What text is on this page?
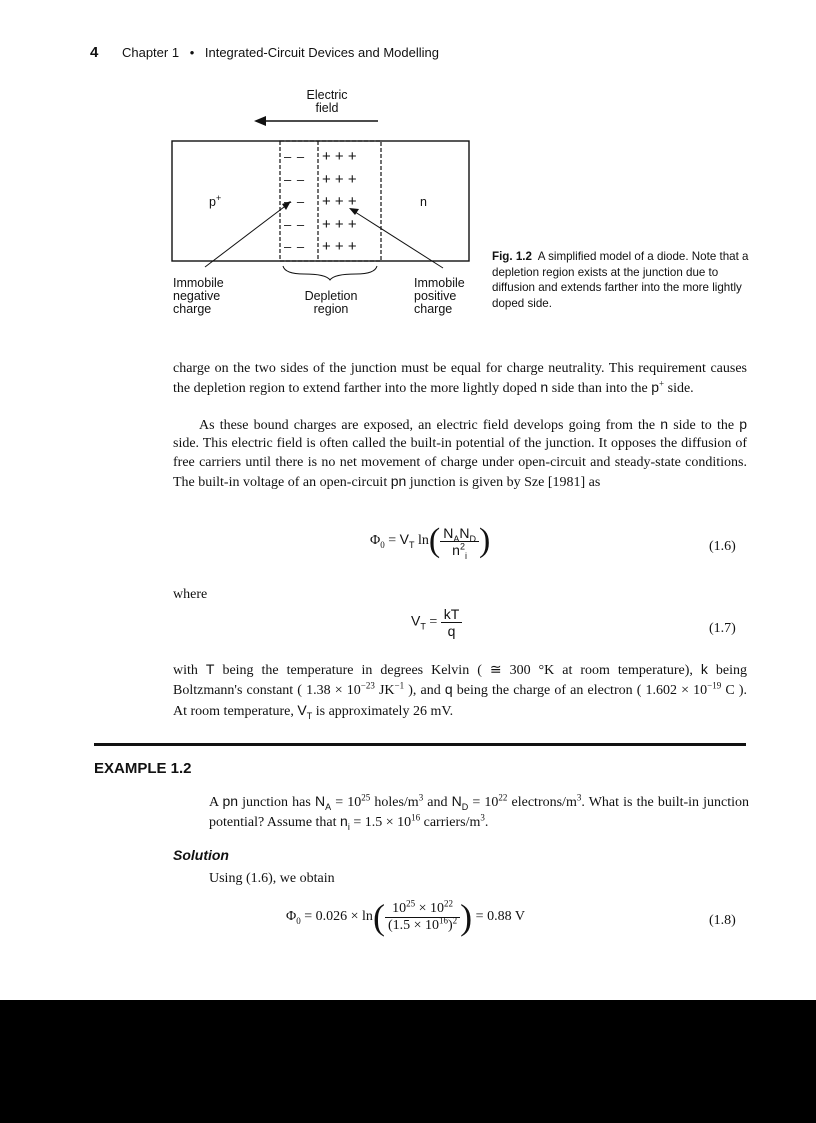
4 Chapter 1 • Integrated-Circuit Devices and Modelling
Electric
field
p+	n
– –
– –
– –
– –
– –
+ + +
+ + +
+ + +
+ + +
+ + +
Immobile
negative
charge
Depletion
region
Immobile
positive
charge
Fig. 1.2 A simplified model of a diode. Note that a depletion region exists at the junction due to diffusion and extends farther into the more lightly doped side.
charge on the two sides of the junction must be equal for charge neutrality. This requirement causes the depletion region to extend farther into the more lightly doped n side than into the p+ side.
As these bound charges are exposed, an electric field develops going from the n side to the p side. This electric field is often called the built-in potential of the junction. It opposes the diffusion of free carriers until there is no net movement of charge under open-circuit and steady-state conditions. The built-in voltage of an open-circuit pn junction is given by Sze [1981] as
$\Phi_0 = V_T$ $\ln( \frac{N_AN_D}{n^2_i}$ )	(1.6)
where
$V_T = \frac{kT}{q}$	(1.7)
with T being the temperature in degrees Kelvin ( ≅ 300 °K at room temperature), k being Boltzmann's constant ( $1.38 \times 10^{-23}$ $JK^{-1}$ ), and q being the charge of an electron ( $1.602 \times 10^{-19}$ C ). At room temperature, $V_T$ is approximately 26 mV.
EXAMPLE 1.2
A pn junction has $N_A = 10^{25}$ holes/$m^3$ and $N_D = 10^{22}$ electrons/$m^3$. What is the built-in junction potential? Assume that $n_i = 1.5 \times 10^{16}$ carriers/$m^3$.
Solution
Using (1.6), we obtain
$\Phi_0 = 0.026 \times \ln( \frac{10^{25} \times 10^{22}}{(1.5 \times 10^{16})^2}$ ) = 0.88 V	(1.8)
